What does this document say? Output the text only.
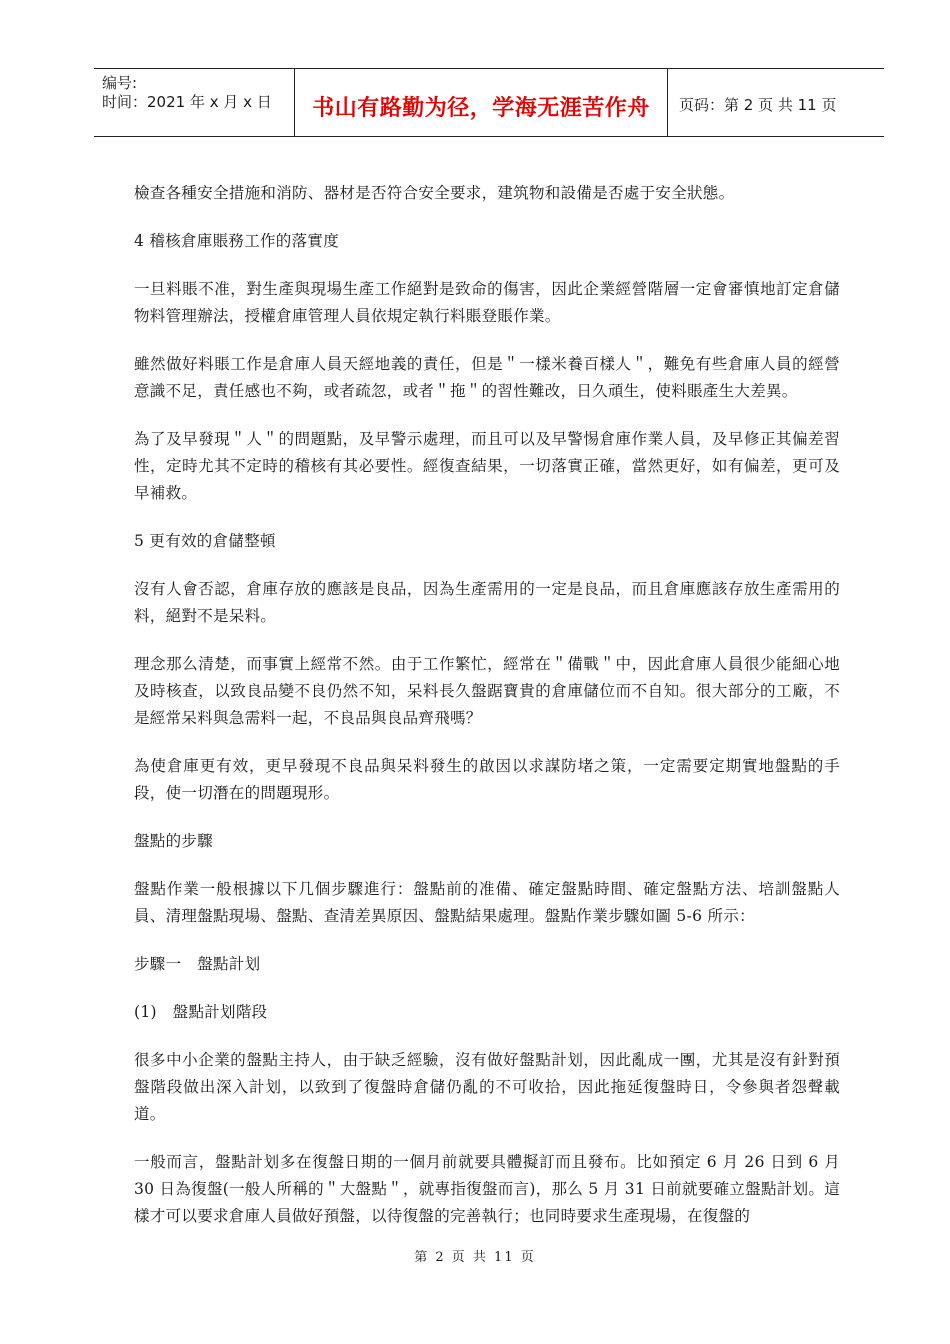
编号:
时间：2021 年 x 月 x 日	书山有路勤为径，学海无涯苦作舟	页码：第 2 页 共 11 页

檢查各種安全措施和消防、器材是否符合安全要求，建筑物和設備是否處于安全狀態。

4 稽核倉庫賬務工作的落實度

一旦料賬不准，對生產與現場生產工作絕對是致命的傷害，因此企業經營階層一定會審慎地訂定倉儲物料管理辦法，授權倉庫管理人員依規定執行料賬登賬作業。

雖然做好料賬工作是倉庫人員天經地義的責任，但是＂一樣米養百樣人＂，難免有些倉庫人員的經營意識不足，責任感也不夠，或者疏忽，或者＂拖＂的習性難改，日久頑生，使料賬產生大差異。

為了及早發現＂人＂的問題點，及早警示處理，而且可以及早警惕倉庫作業人員，及早修正其偏差習性，定時尤其不定時的稽核有其必要性。經復查結果，一切落實正確，當然更好，如有偏差，更可及早補救。

5 更有效的倉儲整頓

沒有人會否認，倉庫存放的應該是良品，因為生產需用的一定是良品，而且倉庫應該存放生產需用的料，絕對不是呆料。

理念那么清楚，而事實上經常不然。由于工作繁忙，經常在＂備戰＂中，因此倉庫人員很少能細心地及時核查，以致良品變不良仍然不知，呆料長久盤踞寶貴的倉庫儲位而不自知。很大部分的工廠，不是經常呆料與急需料一起，不良品與良品齊飛嗎？

為使倉庫更有效，更早發現不良品與呆料發生的啟因以求謀防堵之策，一定需要定期實地盤點的手段，使一切潛在的問題現形。

盤點的步驟

盤點作業一般根據以下几個步驟進行：盤點前的准備、確定盤點時間、確定盤點方法、培訓盤點人員、清理盤點現場、盤點、查清差異原因、盤點結果處理。盤點作業步驟如圖 5-6 所示：

步驟一　盤點計划

(1)　盤點計划階段

很多中小企業的盤點主持人，由于缺乏經驗，沒有做好盤點計划，因此亂成一團，尤其是沒有針對預盤階段做出深入計划，以致到了復盤時倉儲仍亂的不可收拾，因此拖延復盤時日，令參與者怨聲載道。

一般而言，盤點計划多在復盤日期的一個月前就要具體擬訂而且發布。比如預定 6 月 26 日到 6 月 30 日為復盤(一般人所稱的＂大盤點＂，就專指復盤而言)，那么 5 月 31 日前就要確立盤點計划。這樣才可以要求倉庫人員做好預盤，以待復盤的完善執行；也同時要求生產現場，在復盤的

第 2 页 共 11 页
